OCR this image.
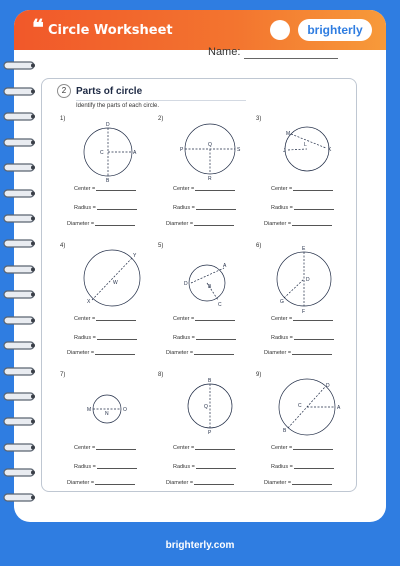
❝ Circle Worksheet	brighterly
Name:
2 Parts of circle
Identify the parts of each circle.
1)	2)	3)
4)	5)	6)
7)	8)	9)
D
C	A
B
P
Q
S
R
M
J
L
K
X
W
Y
D	B
A
C
E
D
G
F
M
N
O
B
Q
P
C
D
A
B
Center =
Radius =
Diameter =
Center =
Radius =
Diameter =
Center =
Radius =
Diameter =
Center =
Radius =
Diameter =
Center =
Radius =
Diameter =
Center =
Radius =
Diameter =
Center =
Radius =
Diameter =
Center =
Radius =
Diameter =
Center =
Radius =
Diameter =
brighterly.com
